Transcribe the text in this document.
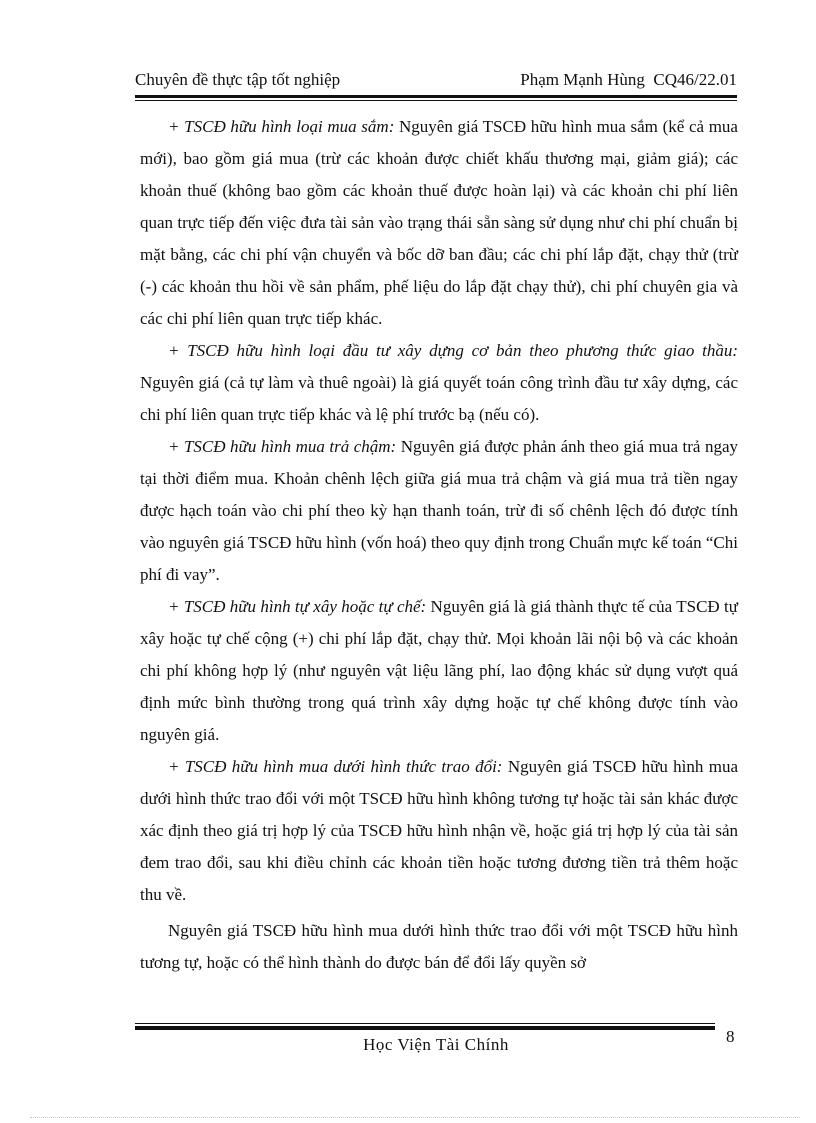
Chuyên đề thực tập tốt nghiệp	Phạm Mạnh Hùng  CQ46/22.01

+ TSCĐ hữu hình loại mua sắm: Nguyên giá TSCĐ hữu hình mua sắm (kể cả mua mới), bao gồm giá mua (trừ các khoản được chiết khấu thương mại, giảm giá); các khoản thuế (không bao gồm các khoản thuế được hoàn lại) và các khoản chi phí liên quan trực tiếp đến việc đưa tài sản vào trạng thái sẵn sàng sử dụng như chi phí chuẩn bị mặt bằng, các chi phí vận chuyển và bốc dỡ ban đầu; các chi phí lắp đặt, chạy thử (trừ (-) các khoản thu hồi về sản phẩm, phế liệu do lắp đặt chạy thử), chi phí chuyên gia và các chi phí liên quan trực tiếp khác.

+ TSCĐ hữu hình loại đầu tư xây dựng cơ bản theo phương thức giao thầu: Nguyên giá (cả tự làm và thuê ngoài) là giá quyết toán công trình đầu tư xây dựng, các chi phí liên quan trực tiếp khác và lệ phí trước bạ (nếu có).

+ TSCĐ hữu hình mua trả chậm: Nguyên giá được phản ánh theo giá mua trả ngay tại thời điểm mua. Khoản chênh lệch giữa giá mua trả chậm và giá mua trả tiền ngay được hạch toán vào chi phí theo kỳ hạn thanh toán, trừ đi số chênh lệch đó được tính vào nguyên giá TSCĐ hữu hình (vốn hoá) theo quy định trong Chuẩn mực kế toán “Chi phí đi vay”.

+ TSCĐ hữu hình tự xây hoặc tự chế: Nguyên giá là giá thành thực tế của TSCĐ tự xây hoặc tự chế cộng (+) chi phí lắp đặt, chạy thử. Mọi khoản lãi nội bộ và các khoản chi phí không hợp lý (như nguyên vật liệu lãng phí, lao động khác sử dụng vượt quá định mức bình thường trong quá trình xây dựng hoặc tự chế không được tính vào nguyên giá.

+ TSCĐ hữu hình mua dưới hình thức trao đổi: Nguyên giá TSCĐ hữu hình mua dưới hình thức trao đổi với một TSCĐ hữu hình không tương tự hoặc tài sản khác được xác định theo giá trị hợp lý của TSCĐ hữu hình nhận về, hoặc giá trị hợp lý của tài sản đem trao đổi, sau khi điều chỉnh các khoản tiền hoặc tương đương tiền trả thêm hoặc thu về.

Nguyên giá TSCĐ hữu hình mua dưới hình thức trao đổi với một TSCĐ hữu hình tương tự, hoặc có thể hình thành do được bán để đổi lấy quyền sở

Học Viện Tài Chính	8
